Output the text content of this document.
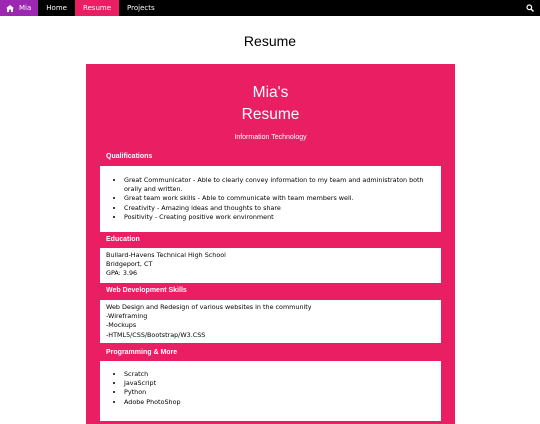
Mia Home Resume Projects
Resume
Mia's
Resume
Information Technology
Qualifications
• Great Communicator - Able to clearly convey information to my team and administraton both orally and written.
• Great team work skills - Able to communicate with team members well.
• Creativity - Amazing ideas and thoughts to share
• Positivity - Creating positive work environment
Education
Bullard-Havens Technical High School
Bridgeport, CT
GPA: 3.96
Web Development Skills
Web Design and Redesign of various websites in the community
-Wireframing
-Mockups
-HTML5/CSS/Bootstrap/W3.CSS
Programming & More
• Scratch
• JavaScript
• Python
• Adobe PhotoShop
